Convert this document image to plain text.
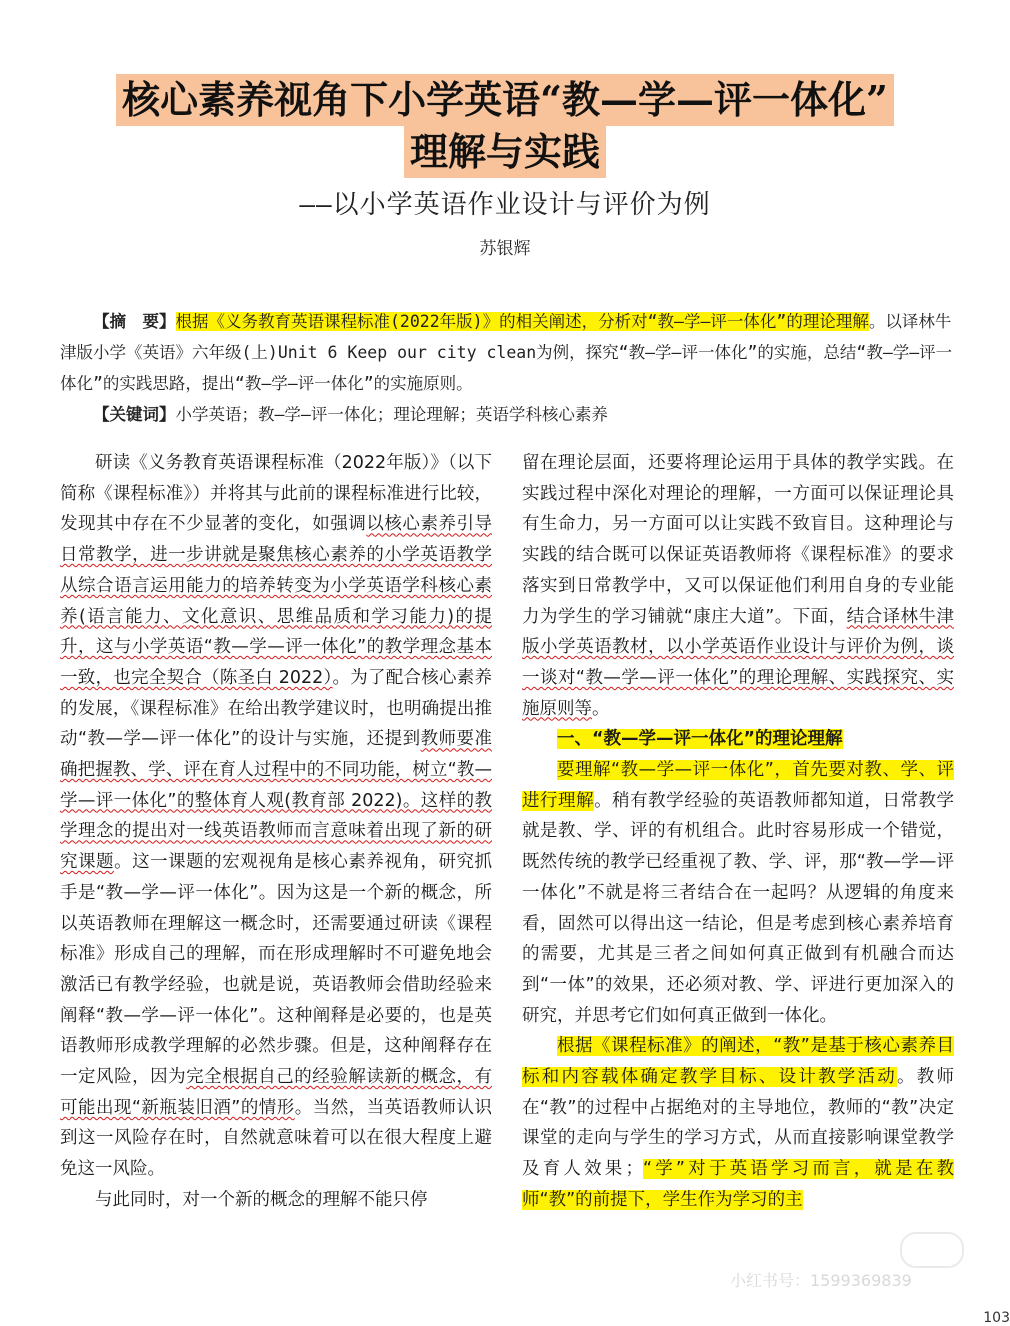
核心素养视角下小学英语“教—学—评一体化”
理解与实践
——以小学英语作业设计与评价为例
苏银辉
【摘　要】根据《义务教育英语课程标准(2022年版)》的相关阐述，分析对“教—学—评一体化”的理论理解。以译林牛津版小学《英语》六年级(上)Unit 6 Keep our city clean为例，探究“教—学—评一体化”的实施，总结“教—学—评一体化”的实践思路，提出“教—学—评一体化”的实施原则。
【关键词】小学英语；教—学—评一体化；理论理解；英语学科核心素养

研读《义务教育英语课程标准（2022年版）》（以下简称《课程标准》）并将其与此前的课程标准进行比较，发现其中存在不少显著的变化，如强调以核心素养引导日常教学，进一步讲就是聚焦核心素养的小学英语教学从综合语言运用能力的培养转变为小学英语学科核心素养(语言能力、文化意识、思维品质和学习能力)的提升，这与小学英语“教—学—评一体化”的教学理念基本一致，也完全契合（陈圣白 2022）。为了配合核心素养的发展，《课程标准》在给出教学建议时，也明确提出推动“教—学—评一体化”的设计与实施，还提到教师要准确把握教、学、评在育人过程中的不同功能，树立“教—学—评一体化”的整体育人观(教育部 2022)。这样的教学理念的提出对一线英语教师而言意味着出现了新的研究课题。这一课题的宏观视角是核心素养视角，研究抓手是“教—学—评一体化”。因为这是一个新的概念，所以英语教师在理解这一概念时，还需要通过研读《课程标准》形成自己的理解，而在形成理解时不可避免地会激活已有教学经验，也就是说，英语教师会借助经验来阐释“教—学—评一体化”。这种阐释是必要的，也是英语教师形成教学理解的必然步骤。但是，这种阐释存在一定风险，因为完全根据自己的经验解读新的概念，有可能出现“新瓶装旧酒”的情形。当然，当英语教师认识到这一风险存在时，自然就意味着可以在很大程度上避免这一风险。

与此同时，对一个新的概念的理解不能只停

留在理论层面，还要将理论运用于具体的教学实践。在实践过程中深化对理论的理解，一方面可以保证理论具有生命力，另一方面可以让实践不致盲目。这种理论与实践的结合既可以保证英语教师将《课程标准》的要求落实到日常教学中，又可以保证他们利用自身的专业能力为学生的学习铺就“康庄大道”。下面，结合译林牛津版小学英语教材，以小学英语作业设计与评价为例，谈一谈对“教—学—评一体化”的理论理解、实践探究、实施原则等。

一、“教—学—评一体化”的理论理解

要理解“教—学—评一体化”，首先要对教、学、评进行理解。稍有教学经验的英语教师都知道，日常教学就是教、学、评的有机组合。此时容易形成一个错觉，既然传统的教学已经重视了教、学、评，那“教—学—评一体化”不就是将三者结合在一起吗？从逻辑的角度来看，固然可以得出这一结论，但是考虑到核心素养培育的需要，尤其是三者之间如何真正做到有机融合而达到“一体”的效果，还必须对教、学、评进行更加深入的研究，并思考它们如何真正做到一体化。

根据《课程标准》的阐述，“教”是基于核心素养目标和内容载体确定教学目标、设计教学活动。教师在“教”的过程中占据绝对的主导地位，教师的“教”决定课堂的走向与学生的学习方式，从而直接影响课堂教学及育人效果；“学”对于英语学习而言，就是在教师“教”的前提下，学生作为学习的主

小红书号：1599369839
103
